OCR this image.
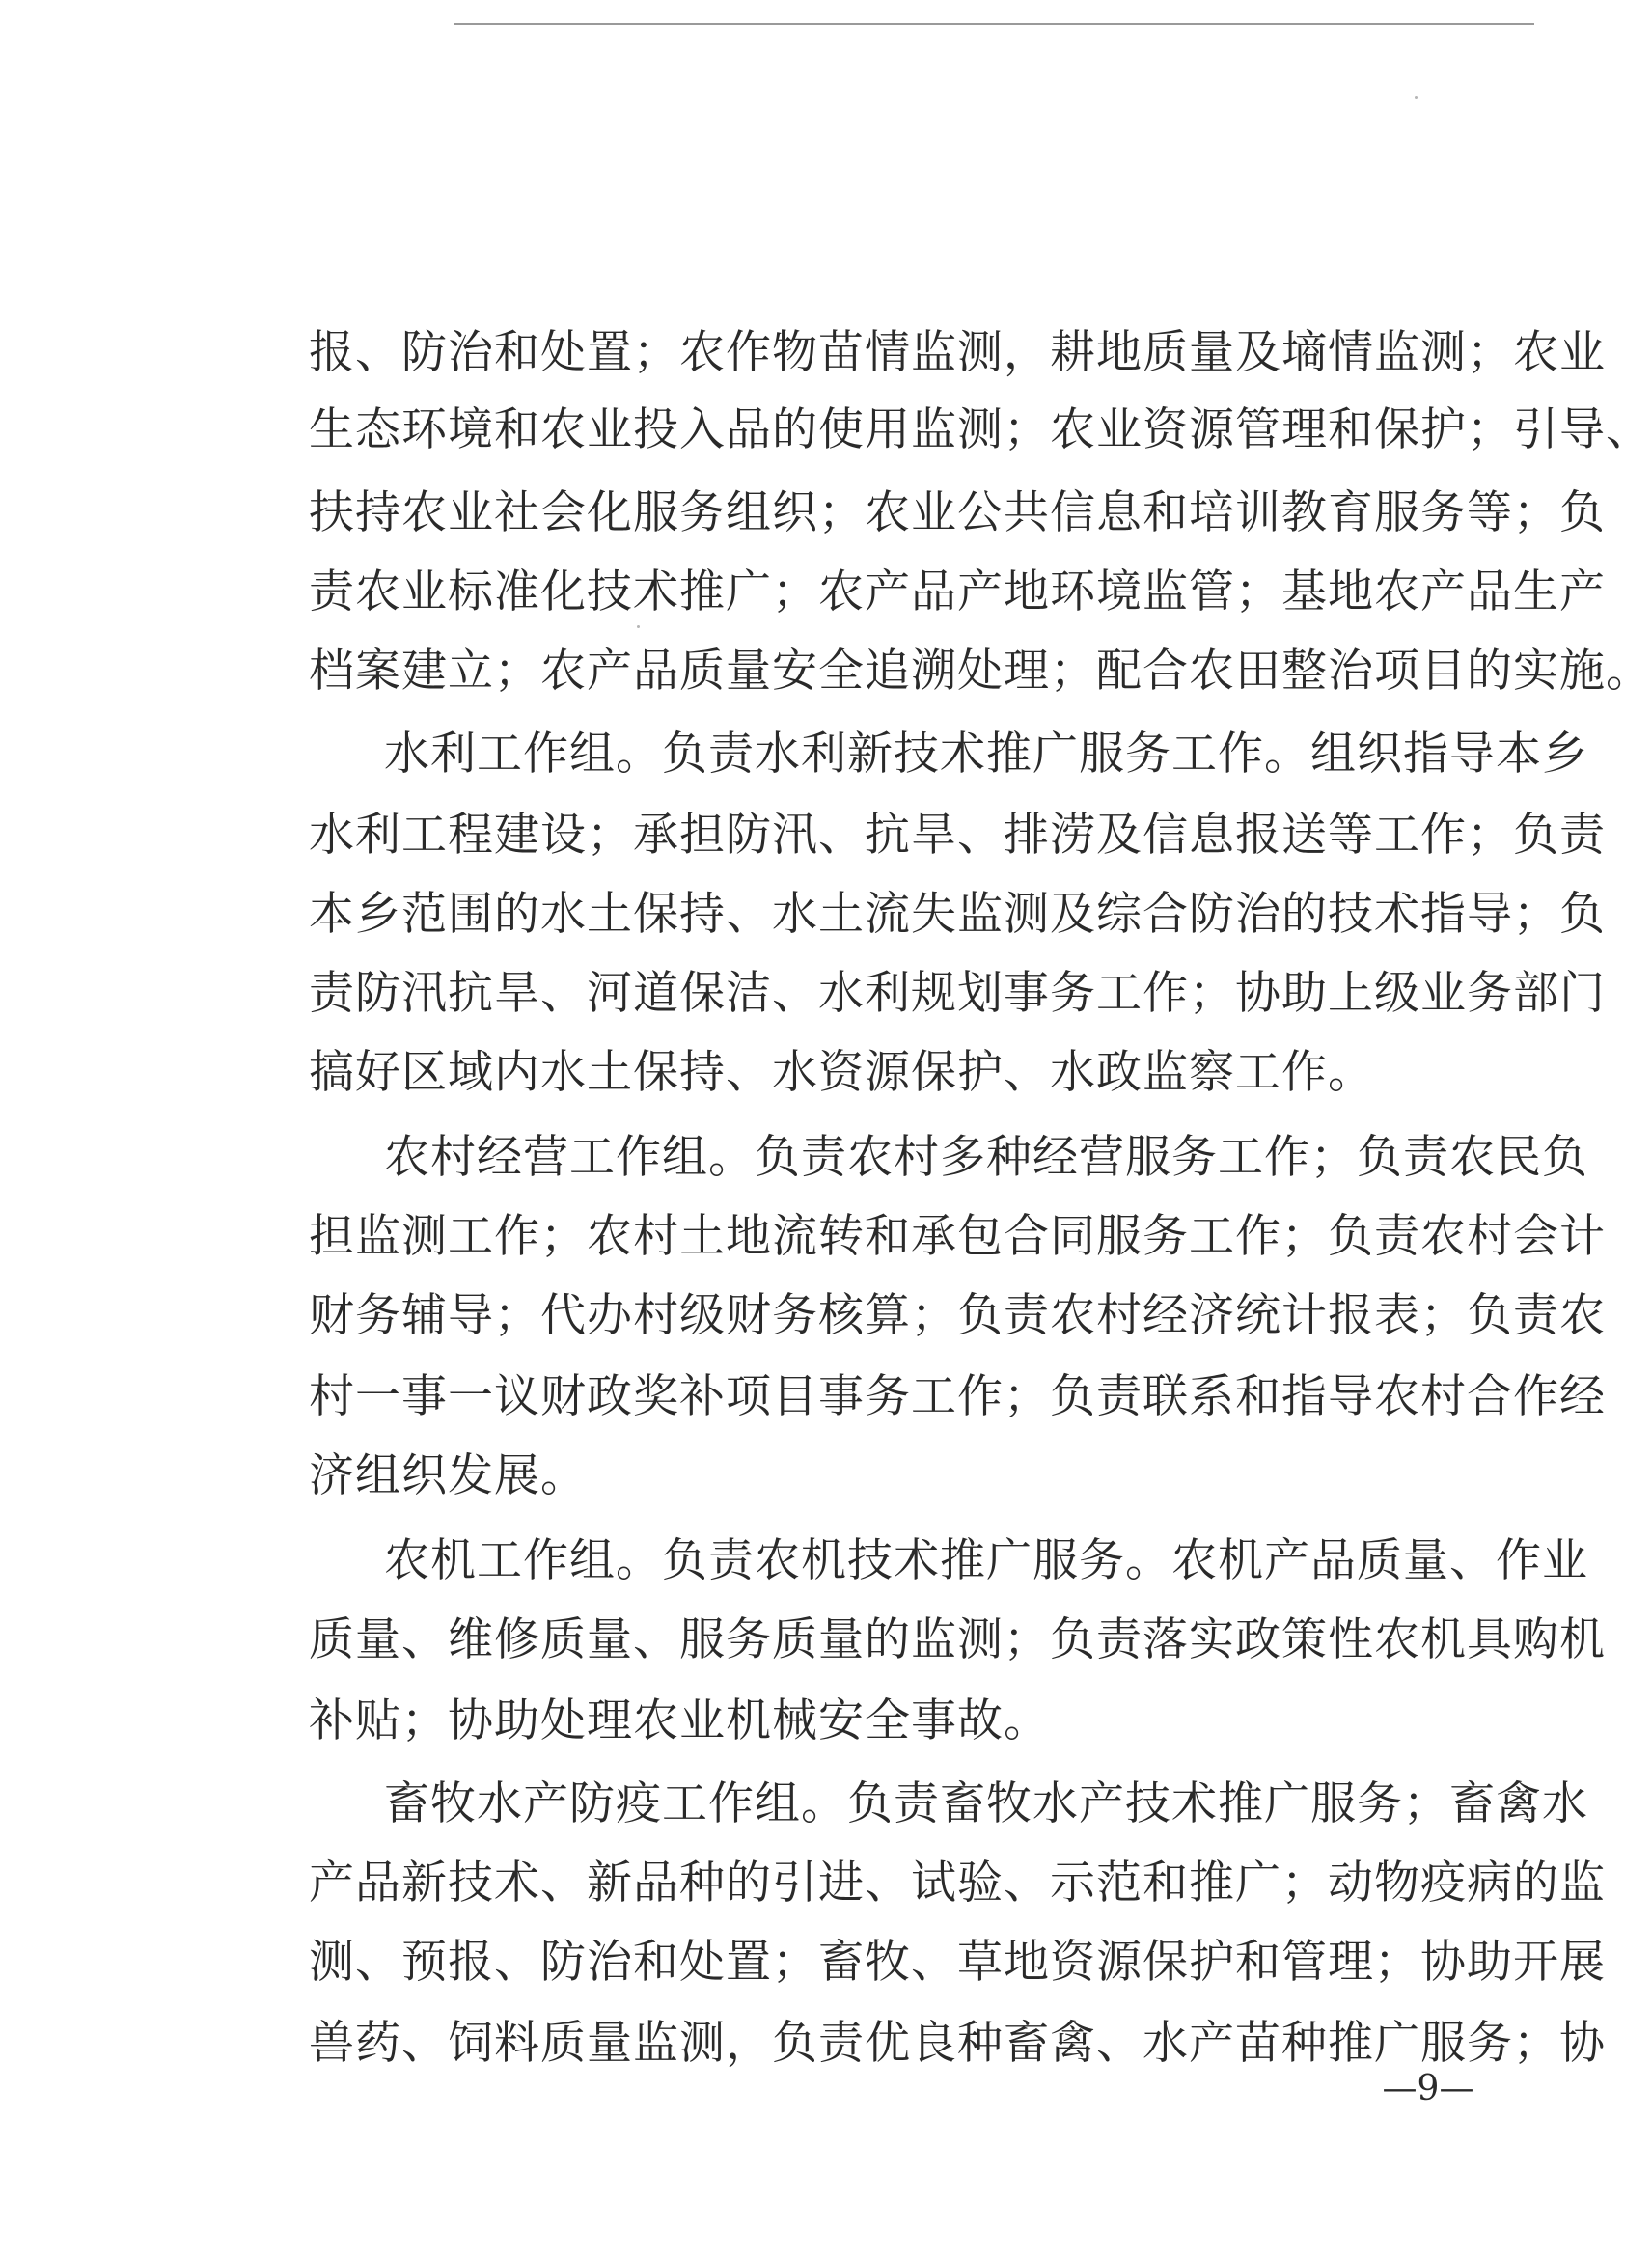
报、防治和处置；农作物苗情监测，耕地质量及墒情监测；农业
生态环境和农业投入品的使用监测；农业资源管理和保护；引导、
扶持农业社会化服务组织；农业公共信息和培训教育服务等；负
责农业标准化技术推广；农产品产地环境监管；基地农产品生产
档案建立；农产品质量安全追溯处理；配合农田整治项目的实施。
水利工作组。负责水利新技术推广服务工作。组织指导本乡
水利工程建设；承担防汛、抗旱、排涝及信息报送等工作；负责
本乡范围的水土保持、水土流失监测及综合防治的技术指导；负
责防汛抗旱、河道保洁、水利规划事务工作；协助上级业务部门
搞好区域内水土保持、水资源保护、水政监察工作。
农村经营工作组。负责农村多种经营服务工作；负责农民负
担监测工作；农村土地流转和承包合同服务工作；负责农村会计
财务辅导；代办村级财务核算；负责农村经济统计报表；负责农
村一事一议财政奖补项目事务工作；负责联系和指导农村合作经
济组织发展。
农机工作组。负责农机技术推广服务。农机产品质量、作业
质量、维修质量、服务质量的监测；负责落实政策性农机具购机
补贴；协助处理农业机械安全事故。
畜牧水产防疫工作组。负责畜牧水产技术推广服务；畜禽水
产品新技术、新品种的引进、试验、示范和推广；动物疫病的监
测、预报、防治和处置；畜牧、草地资源保护和管理；协助开展
兽药、饲料质量监测，负责优良种畜禽、水产苗种推广服务；协
—9—
